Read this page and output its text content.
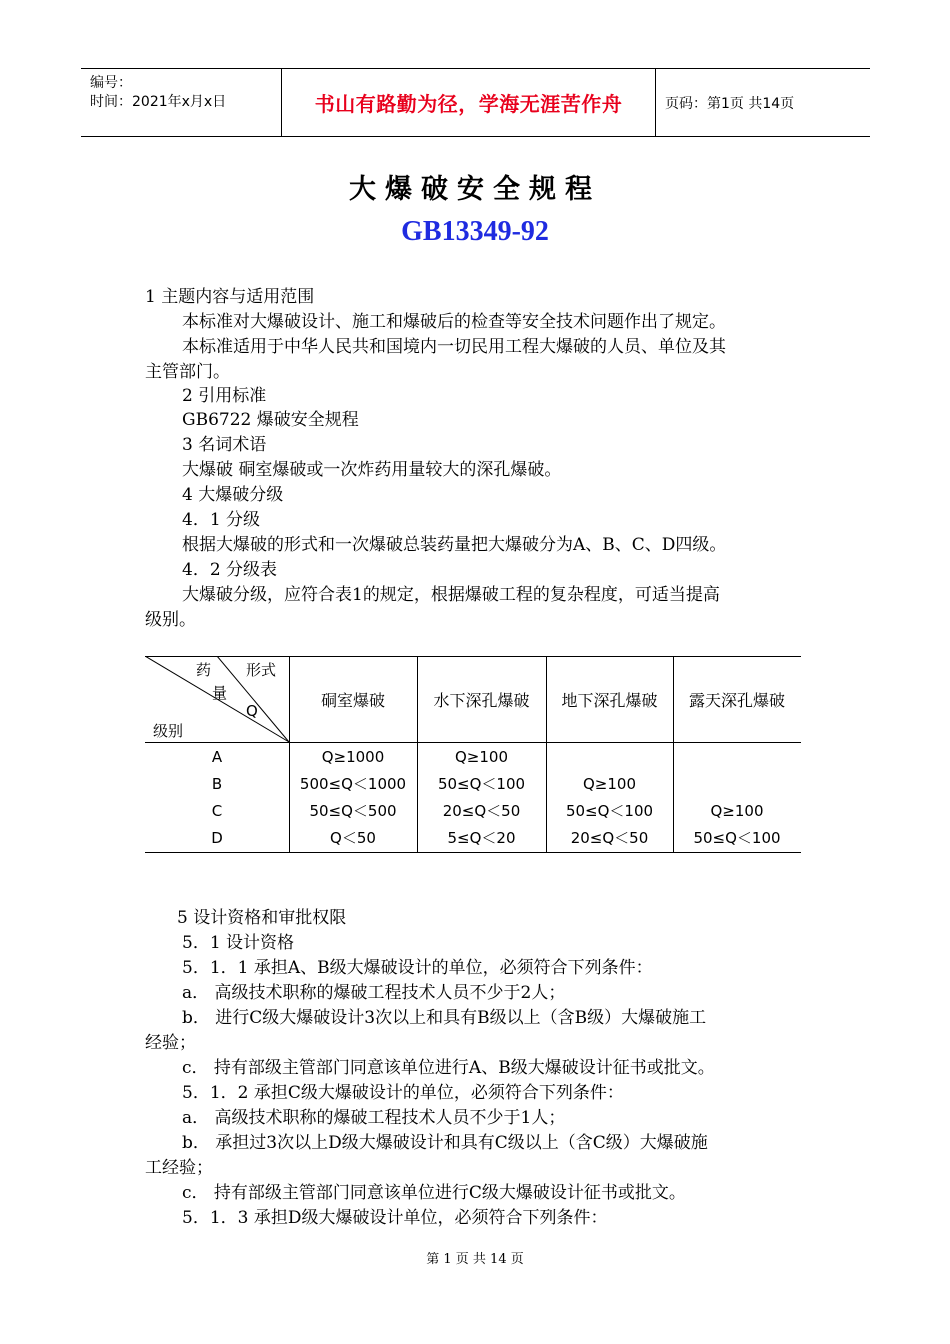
编号：
时间：2021年x月x日	书山有路勤为径，学海无涯苦作舟	页码：第1页 共14页
大爆破安全规程
GB13349-92
1 主题内容与适用范围
本标准对大爆破设计、施工和爆破后的检查等安全技术问题作出了规定。
本标准适用于中华人民共和国境内一切民用工程大爆破的人员、单位及其
主管部门。
2 引用标准
GB6722 爆破安全规程
3 名词术语
大爆破 硐室爆破或一次炸药用量较大的深孔爆破。
4 大爆破分级
4．1 分级
根据大爆破的形式和一次爆破总装药量把大爆破分为A、B、C、D四级。
4．2 分级表
大爆破分级，应符合表1的规定，根据爆破工程的复杂程度，可适当提高
级别。
药 形式
量
Q
级别
硐室爆破	水下深孔爆破	地下深孔爆破	露天深孔爆破
A	Q≥1000	Q≥100
B	500≤Q＜1000	50≤Q＜100	Q≥100
C	50≤Q＜500	20≤Q＜50	50≤Q＜100	Q≥100
D	Q＜50	5≤Q＜20	20≤Q＜50	50≤Q＜100
5 设计资格和审批权限
5．1 设计资格
5．1．1 承担A、B级大爆破设计的单位，必须符合下列条件：
a． 高级技术职称的爆破工程技术人员不少于2人；
b． 进行C级大爆破设计3次以上和具有B级以上（含B级）大爆破施工
经验；
c． 持有部级主管部门同意该单位进行A、B级大爆破设计征书或批文。
5．1．2 承担C级大爆破设计的单位，必须符合下列条件：
a． 高级技术职称的爆破工程技术人员不少于1人；
b． 承担过3次以上D级大爆破设计和具有C级以上（含C级）大爆破施
工经验；
c． 持有部级主管部门同意该单位进行C级大爆破设计征书或批文。
5．1．3 承担D级大爆破设计单位，必须符合下列条件：
第 1 页 共 14 页
